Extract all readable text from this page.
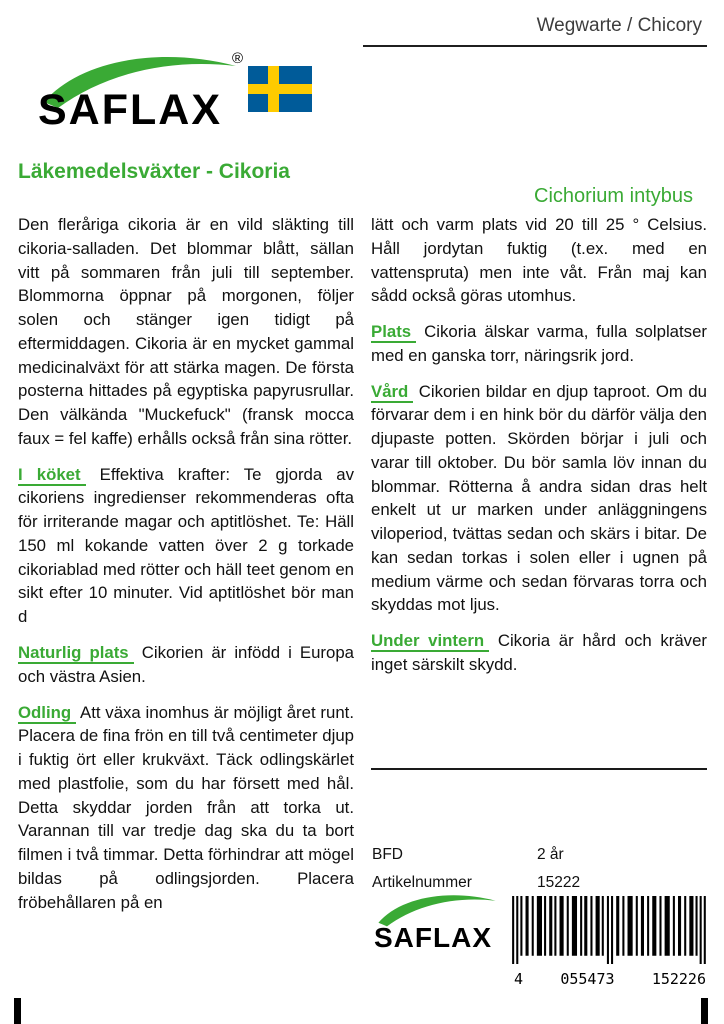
Wegwarte / Chicory
®
SAFLAX
Läkemedelsväxter - Cikoria
Cichorium intybus

Den fleråriga cikoria är en vild släkting till cikoria-salladen. Det blommar blått, sällan vitt på sommaren från juli till september. Blommorna öppnar på morgonen, följer solen och stänger igen tidigt på eftermiddagen. Cikoria är en mycket gammal medicinalväxt för att stärka magen. De första posterna hittades på egyptiska papyrusrullar. Den välkända "Muckefuck" (fransk mocca faux = fel kaffe) erhålls också från sina rötter.

I köket Effektiva krafter: Te gjorda av cikoriens ingredienser rekommenderas ofta för irriterande magar och aptitlöshet. Te: Häll 150 ml kokande vatten över 2 g torkade cikoriablad med rötter och häll teet genom en sikt efter 10 minuter. Vid aptitlöshet bör man d

Naturlig plats Cikorien är infödd i Europa och västra Asien.

Odling Att växa inomhus är möjligt året runt. Placera de fina frön en till två centimeter djup i fuktig ört eller krukväxt. Täck odlingskärlet med plastfolie, som du har försett med hål. Detta skyddar jorden från att torka ut. Varannan till var tredje dag ska du ta bort filmen i två timmar. Detta förhindrar att mögel bildas på odlingsjorden. Placera fröbehållaren på en

lätt och varm plats vid 20 till 25 ° Celsius. Håll jordytan fuktig (t.ex. med en vattenspruta) men inte våt. Från maj kan sådd också göras utomhus.

Plats Cikoria älskar varma, fulla solplatser med en ganska torr, näringsrik jord.

Vård Cikorien bildar en djup taproot. Om du förvarar dem i en hink bör du därför välja den djupaste potten. Skörden börjar i juli och varar till oktober. Du bör samla löv innan du blommar. Rötterna å andra sidan dras helt enkelt ut ur marken under anläggningens viloperiod, tvättas sedan och skärs i bitar. De kan sedan torkas i solen eller i ugnen på medium värme och sedan förvaras torra och skyddas mot ljus.

Under vintern Cikoria är hård och kräver inget särskilt skydd.

BFD	2 år
Artikelnummer	15222
SAFLAX
4 055473 152226
